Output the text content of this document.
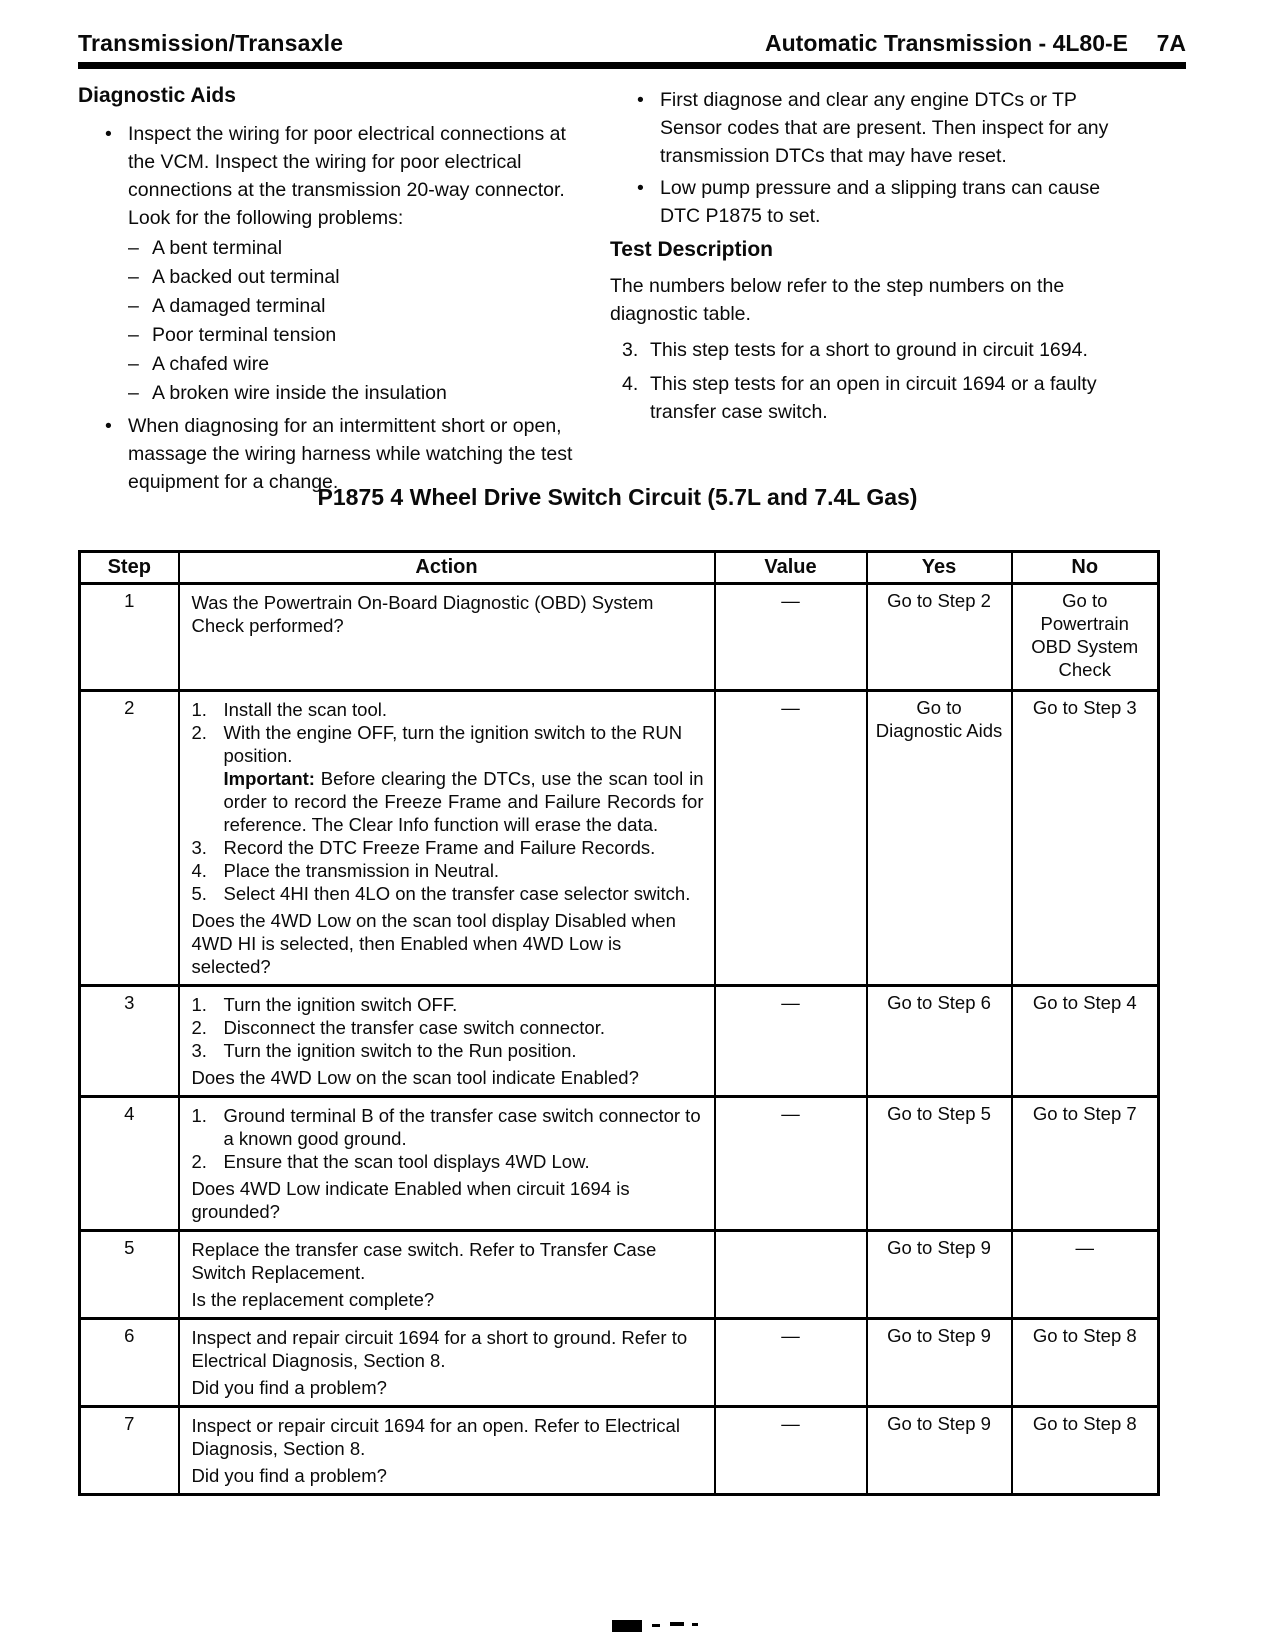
Transmission/Transaxle	Automatic Transmission - 4L80-E 7A
Diagnostic Aids
• Inspect the wiring for poor electrical connections at the VCM. Inspect the wiring for poor electrical connections at the transmission 20-way connector. Look for the following problems:
– A bent terminal
– A backed out terminal
– A damaged terminal
– Poor terminal tension
– A chafed wire
– A broken wire inside the insulation
• When diagnosing for an intermittent short or open, massage the wiring harness while watching the test equipment for a change.
• First diagnose and clear any engine DTCs or TP Sensor codes that are present. Then inspect for any transmission DTCs that may have reset.
• Low pump pressure and a slipping trans can cause DTC P1875 to set.
Test Description
The numbers below refer to the step numbers on the diagnostic table.
3. This step tests for a short to ground in circuit 1694.
4. This step tests for an open in circuit 1694 or a faulty transfer case switch.
P1875 4 Wheel Drive Switch Circuit (5.7L and 7.4L Gas)
Step	Action	Value	Yes	No
1	Was the Powertrain On-Board Diagnostic (OBD) System Check performed?	—	Go to Step 2	Go to Powertrain OBD System Check
2	1. Install the scan tool.
2. With the engine OFF, turn the ignition switch to the RUN position.
Important: Before clearing the DTCs, use the scan tool in order to record the Freeze Frame and Failure Records for reference. The Clear Info function will erase the data.
3. Record the DTC Freeze Frame and Failure Records.
4. Place the transmission in Neutral.
5. Select 4HI then 4LO on the transfer case selector switch.
Does the 4WD Low on the scan tool display Disabled when 4WD HI is selected, then Enabled when 4WD Low is selected?
	—	Go to Diagnostic Aids	Go to Step 3
3	1. Turn the ignition switch OFF.
2. Disconnect the transfer case switch connector.
3. Turn the ignition switch to the Run position.
Does the 4WD Low on the scan tool indicate Enabled?
	—	Go to Step 6	Go to Step 4
4	1. Ground terminal B of the transfer case switch connector to a known good ground.
2. Ensure that the scan tool displays 4WD Low.
Does 4WD Low indicate Enabled when circuit 1694 is grounded?	—	Go to Step 5	Go to Step 7
5	Replace the transfer case switch. Refer to Transfer Case Switch Replacement.
Is the replacement complete?		Go to Step 9	—
6	Inspect and repair circuit 1694 for a short to ground. Refer to Electrical Diagnosis, Section 8.
Did you find a problem?	—	Go to Step 9	Go to Step 8
7	Inspect or repair circuit 1694 for an open. Refer to Electrical Diagnosis, Section 8.
Did you find a problem?	—	Go to Step 9	Go to Step 8
